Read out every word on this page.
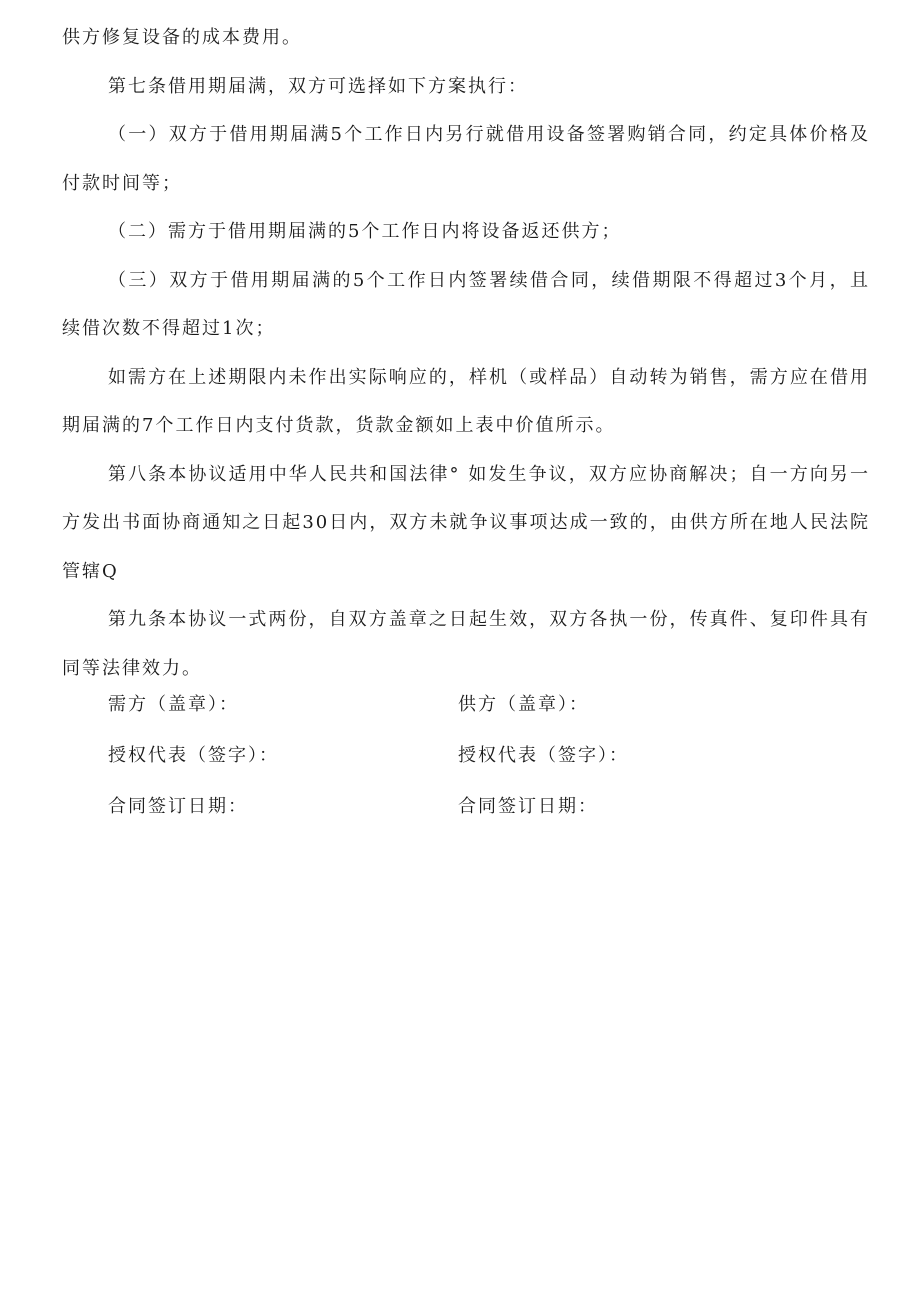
供方修复设备的成本费用。

第七条借用期届满，双方可选择如下方案执行：

（一）双方于借用期届满5个工作日内另行就借用设备签署购销合同，约定具体价格及付款时间等；

（二）需方于借用期届满的5个工作日内将设备返还供方；

（三）双方于借用期届满的5个工作日内签署续借合同，续借期限不得超过3个月，且续借次数不得超过1次；

如需方在上述期限内未作出实际响应的，样机（或样品）自动转为销售，需方应在借用期届满的7个工作日内支付货款，货款金额如上表中价值所示。

第八条本协议适用中华人民共和国法律° 如发生争议，双方应协商解决；自一方向另一方发出书面协商通知之日起30日内，双方未就争议事项达成一致的，由供方所在地人民法院管辖Q

第九条本协议一式两份，自双方盖章之日起生效，双方各执一份，传真件、复印件具有同等法律效力。

需方（盖章）：	供方（盖章）：
授权代表（签字）：	授权代表（签字）：
合同签订日期：	合同签订日期：
